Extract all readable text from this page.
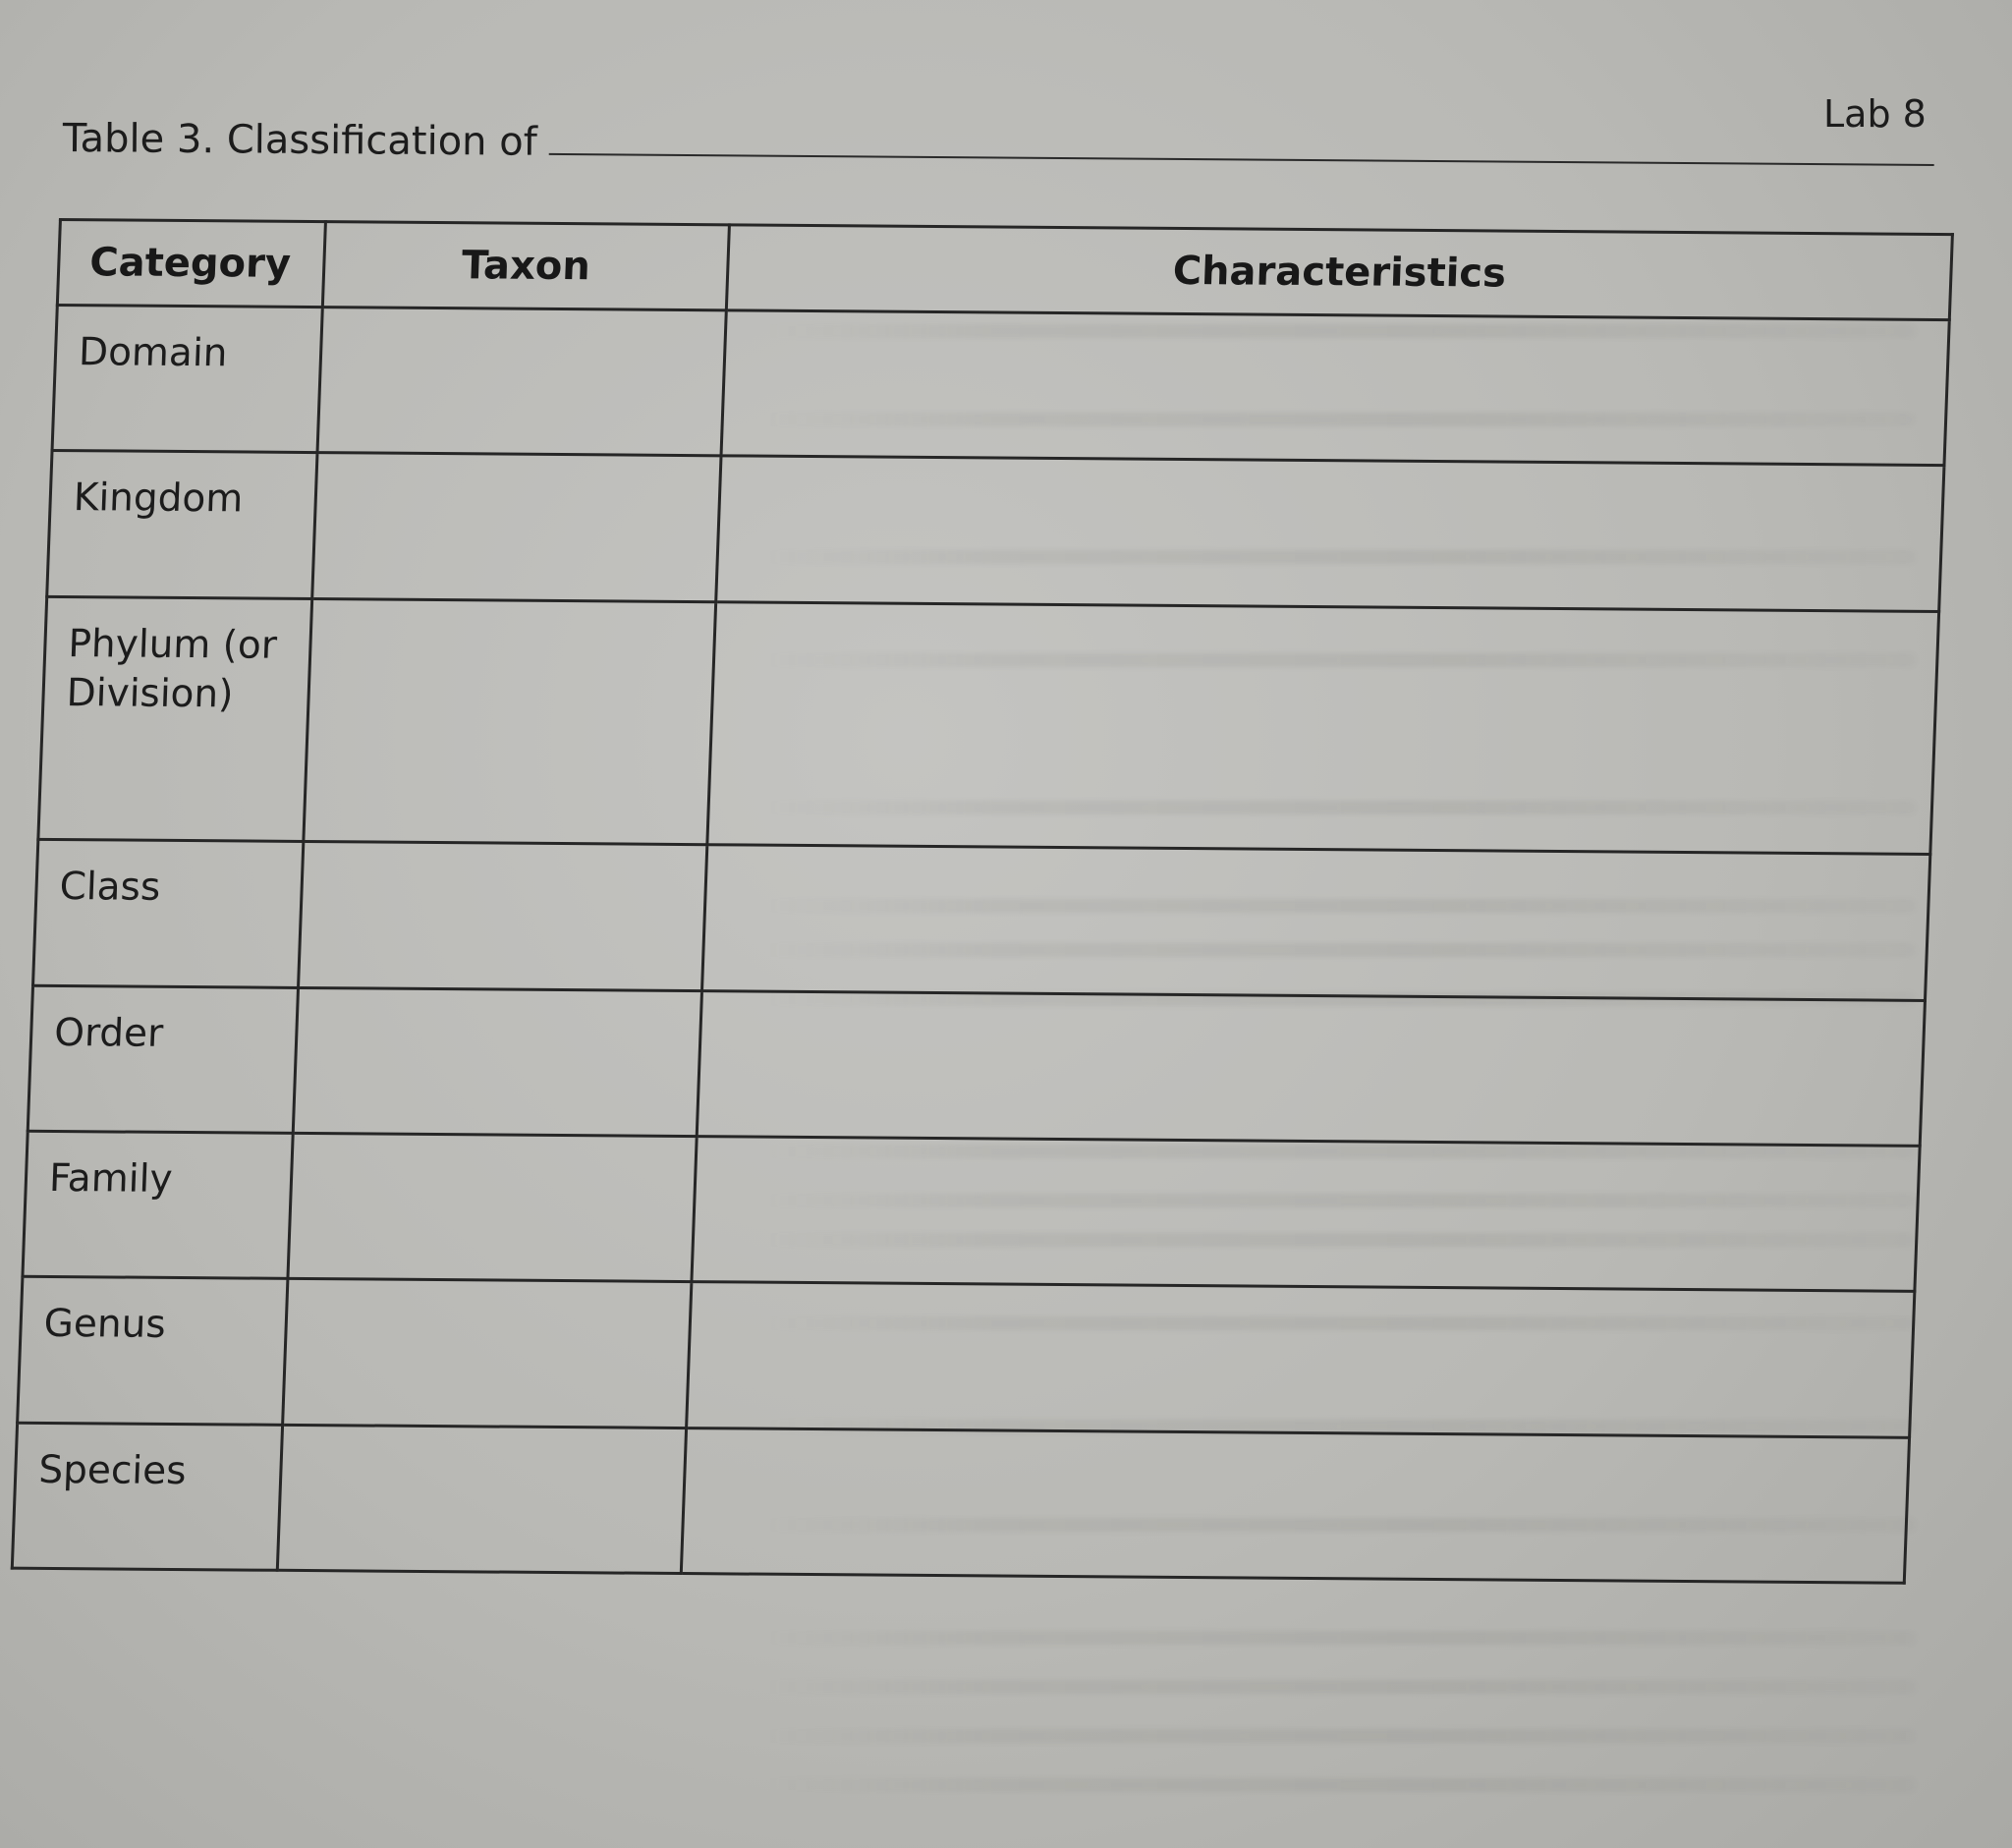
Lab 8
Table 3. Classification of
Category	Taxon	Characteristics
Domain		
Kingdom		
Phylum (or Division)		
Class		
Order		
Family		
Genus		
Species		
